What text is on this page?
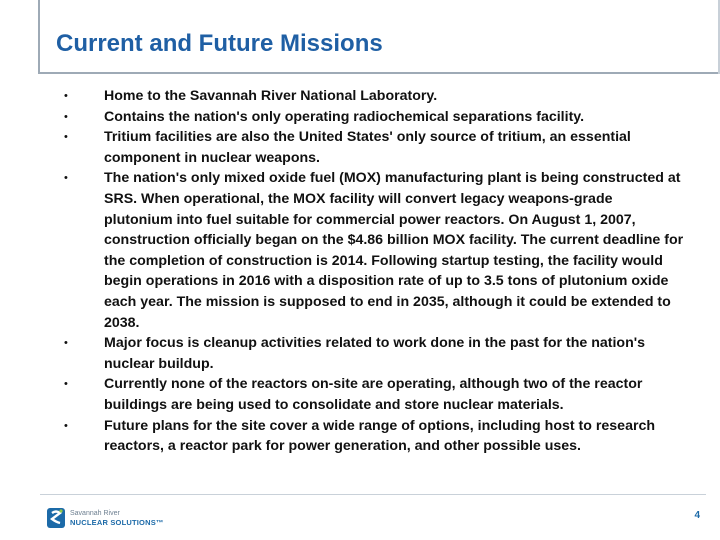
Current and Future Missions
•	Home to the Savannah River National Laboratory.
•	Contains the nation's only operating radiochemical separations facility.
•	Tritium facilities are also the United States' only source of tritium, an essential component in nuclear weapons.
•	The nation's only mixed oxide fuel (MOX) manufacturing plant is being constructed at SRS. When operational, the MOX facility will convert legacy weapons-grade plutonium into fuel suitable for commercial power reactors. On August 1, 2007, construction officially began on the $4.86 billion MOX facility. The current deadline for the completion of construction is 2014. Following startup testing, the facility would begin operations in 2016 with a disposition rate of up to 3.5 tons of plutonium oxide each year. The mission is supposed to end in 2035, although it could be extended to 2038.
•	Major focus is cleanup activities related to work done in the past for the nation's nuclear buildup.
•	Currently none of the reactors on-site are operating, although two of the reactor buildings are being used to consolidate and store nuclear materials.
•	Future plans for the site cover a wide range of options, including host to research reactors, a reactor park for power generation, and other possible uses.
Savannah River
NUCLEAR SOLUTIONS™
4
